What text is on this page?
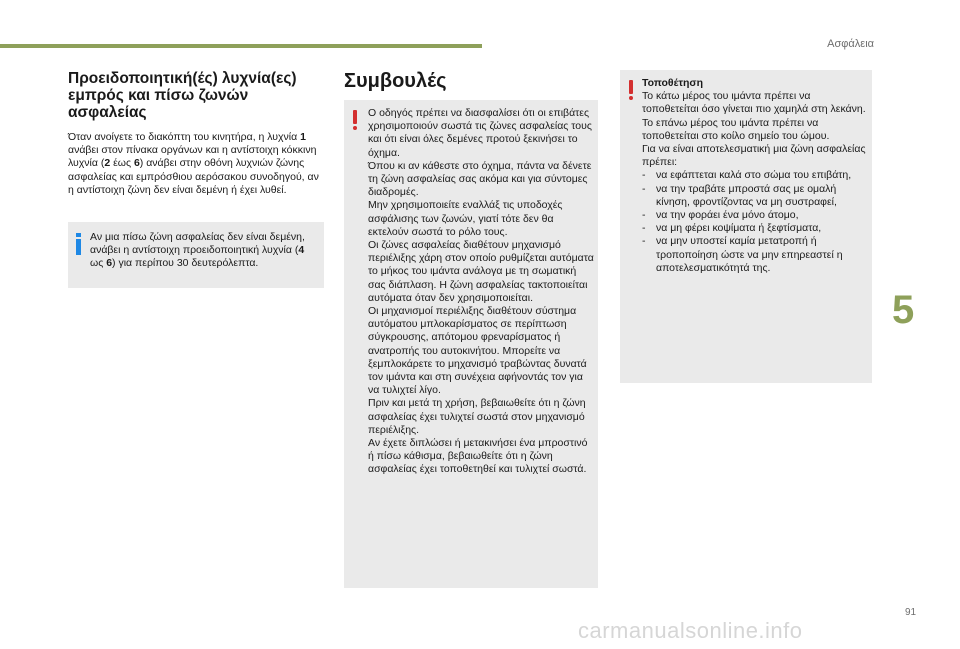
Ασφάλεια
Προειδοποιητική(ές) λυχνία(ες) εμπρός και πίσω ζωνών ασφαλείας

Όταν ανοίγετε το διακόπτη του κινητήρα, η λυχνία 1 ανάβει στον πίνακα οργάνων και η αντίστοιχη κόκκινη λυχνία (2 έως 6) ανάβει στην οθόνη λυχνιών ζώνης ασφαλείας και εμπρόσθιου αερόσακου συνοδηγού, αν η αντίστοιχη ζώνη δεν είναι δεμένη ή έχει λυθεί.

Αν μια πίσω ζώνη ασφαλείας δεν είναι δεμένη, ανάβει η αντίστοιχη προειδοποιητική λυχνία (4 ως 6) για περίπου 30 δευτερόλεπτα.

Συμβουλές

Ο οδηγός πρέπει να διασφαλίσει ότι οι επιβάτες χρησιμοποιούν σωστά τις ζώνες ασφαλείας τους και ότι είναι όλες δεμένες προτού ξεκινήσει το όχημα.

Όπου κι αν κάθεστε στο όχημα, πάντα να δένετε τη ζώνη ασφαλείας σας ακόμα και για σύντομες διαδρομές.

Μην χρησιμοποιείτε εναλλάξ τις υποδοχές ασφάλισης των ζωνών, γιατί τότε δεν θα εκτελούν σωστά το ρόλο τους.

Οι ζώνες ασφαλείας διαθέτουν μηχανισμό περιέλιξης χάρη στον οποίο ρυθμίζεται αυτόματα το μήκος του ιμάντα ανάλογα με τη σωματική σας διάπλαση. Η ζώνη ασφαλείας τακτοποιείται αυτόματα όταν δεν χρησιμοποιείται.

Οι μηχανισμοί περιέλιξης διαθέτουν σύστημα αυτόματου μπλοκαρίσματος σε περίπτωση σύγκρουσης, απότομου φρεναρίσματος ή ανατροπής του αυτοκινήτου. Μπορείτε να ξεμπλοκάρετε το μηχανισμό τραβώντας δυνατά τον ιμάντα και στη συνέχεια αφήνοντάς τον για να τυλιχτεί λίγο.

Πριν και μετά τη χρήση, βεβαιωθείτε ότι η ζώνη ασφαλείας έχει τυλιχτεί σωστά στον μηχανισμό περιέλιξης.

Αν έχετε διπλώσει ή μετακινήσει ένα μπροστινό ή πίσω κάθισμα, βεβαιωθείτε ότι η ζώνη ασφαλείας έχει τοποθετηθεί και τυλιχτεί σωστά.

Τοποθέτηση

Το κάτω μέρος του ιμάντα πρέπει να τοποθετείται όσο γίνεται πιο χαμηλά στη λεκάνη.

Το επάνω μέρος του ιμάντα πρέπει να τοποθετείται στο κοίλο σημείο του ώμου.

Για να είναι αποτελεσματική μια ζώνη ασφαλείας πρέπει:

- να εφάπτεται καλά στο σώμα του επιβάτη,
- να την τραβάτε μπροστά σας με ομαλή κίνηση, φροντίζοντας να μη συστραφεί,
- να την φοράει ένα μόνο άτομο,
- να μη φέρει κοψίματα ή ξεφτίσματα,
- να μην υποστεί καμία μετατροπή ή τροποποίηση ώστε να μην επηρεαστεί η αποτελεσματικότητά της.
5
91
carmanualsonline.info
